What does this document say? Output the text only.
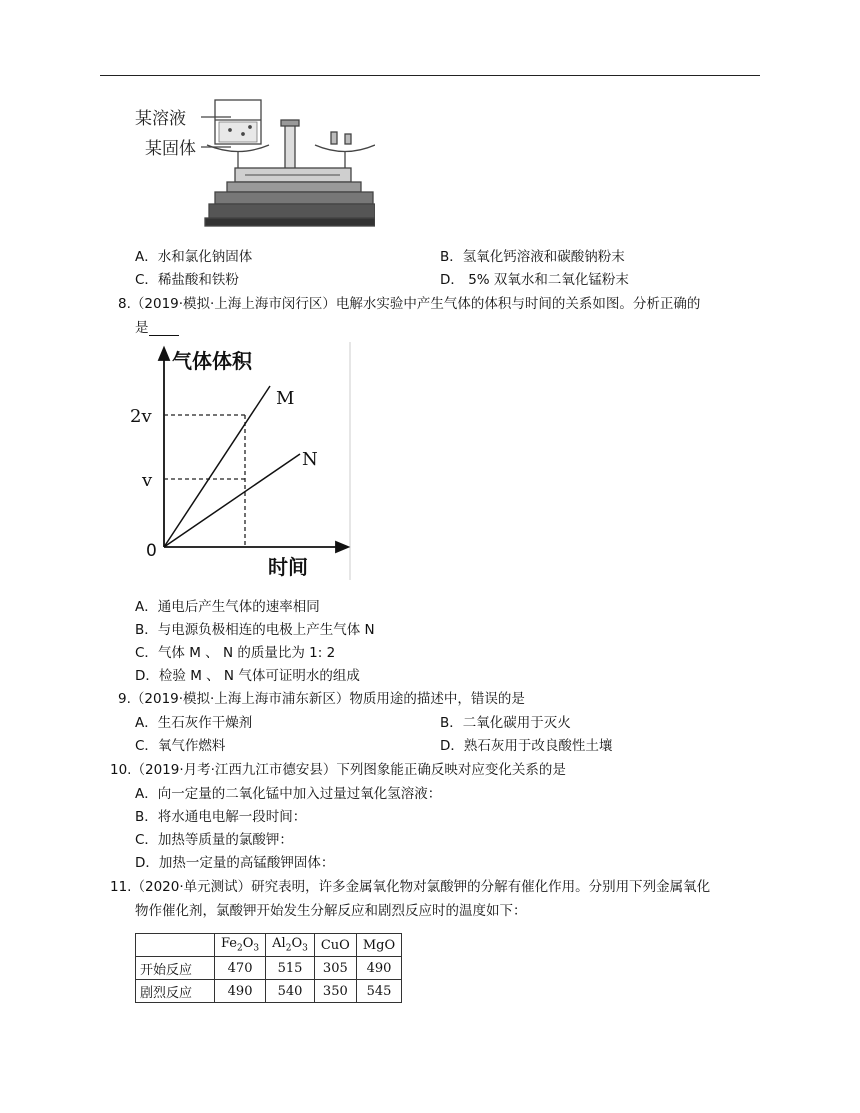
某溶液
某固体
A．水和氯化钠固体	B．氢氧化钙溶液和碳酸钠粉末
C．稀盐酸和铁粉	D． 5% 双氧水和二氧化锰粉末
8.（2019·模拟·上海上海市闵行区）电解水实验中产生气体的体积与时间的关系如图。分析正确的
是
气体体积
M
N
2v
v
0
时间
A．通电后产生气体的速率相同
B．与电源负极相连的电极上产生气体 N
C．气体 M 、 N 的质量比为 1: 2
D．检验 M 、 N 气体可证明水的组成
9.（2019·模拟·上海上海市浦东新区）物质用途的描述中，错误的是
A．生石灰作干燥剂	B．二氧化碳用于灭火
C．氧气作燃料	D．熟石灰用于改良酸性土壤
10.（2019·月考·江西九江市德安县）下列图象能正确反映对应变化关系的是
A．向一定量的二氧化锰中加入过量过氧化氢溶液：
B．将水通电电解一段时间：
C．加热等质量的氯酸钾：
D．加热一定量的高锰酸钾固体：
11.（2020·单元测试）研究表明，许多金属氧化物对氯酸钾的分解有催化作用。分别用下列金属氧化
物作催化剂，氯酸钾开始发生分解反应和剧烈反应时的温度如下：
	$Fe_2O_3$	$Al_2O_3$	CuO	MgO
开始反应	470	515	305	490
剧烈反应	490	540	350	545
